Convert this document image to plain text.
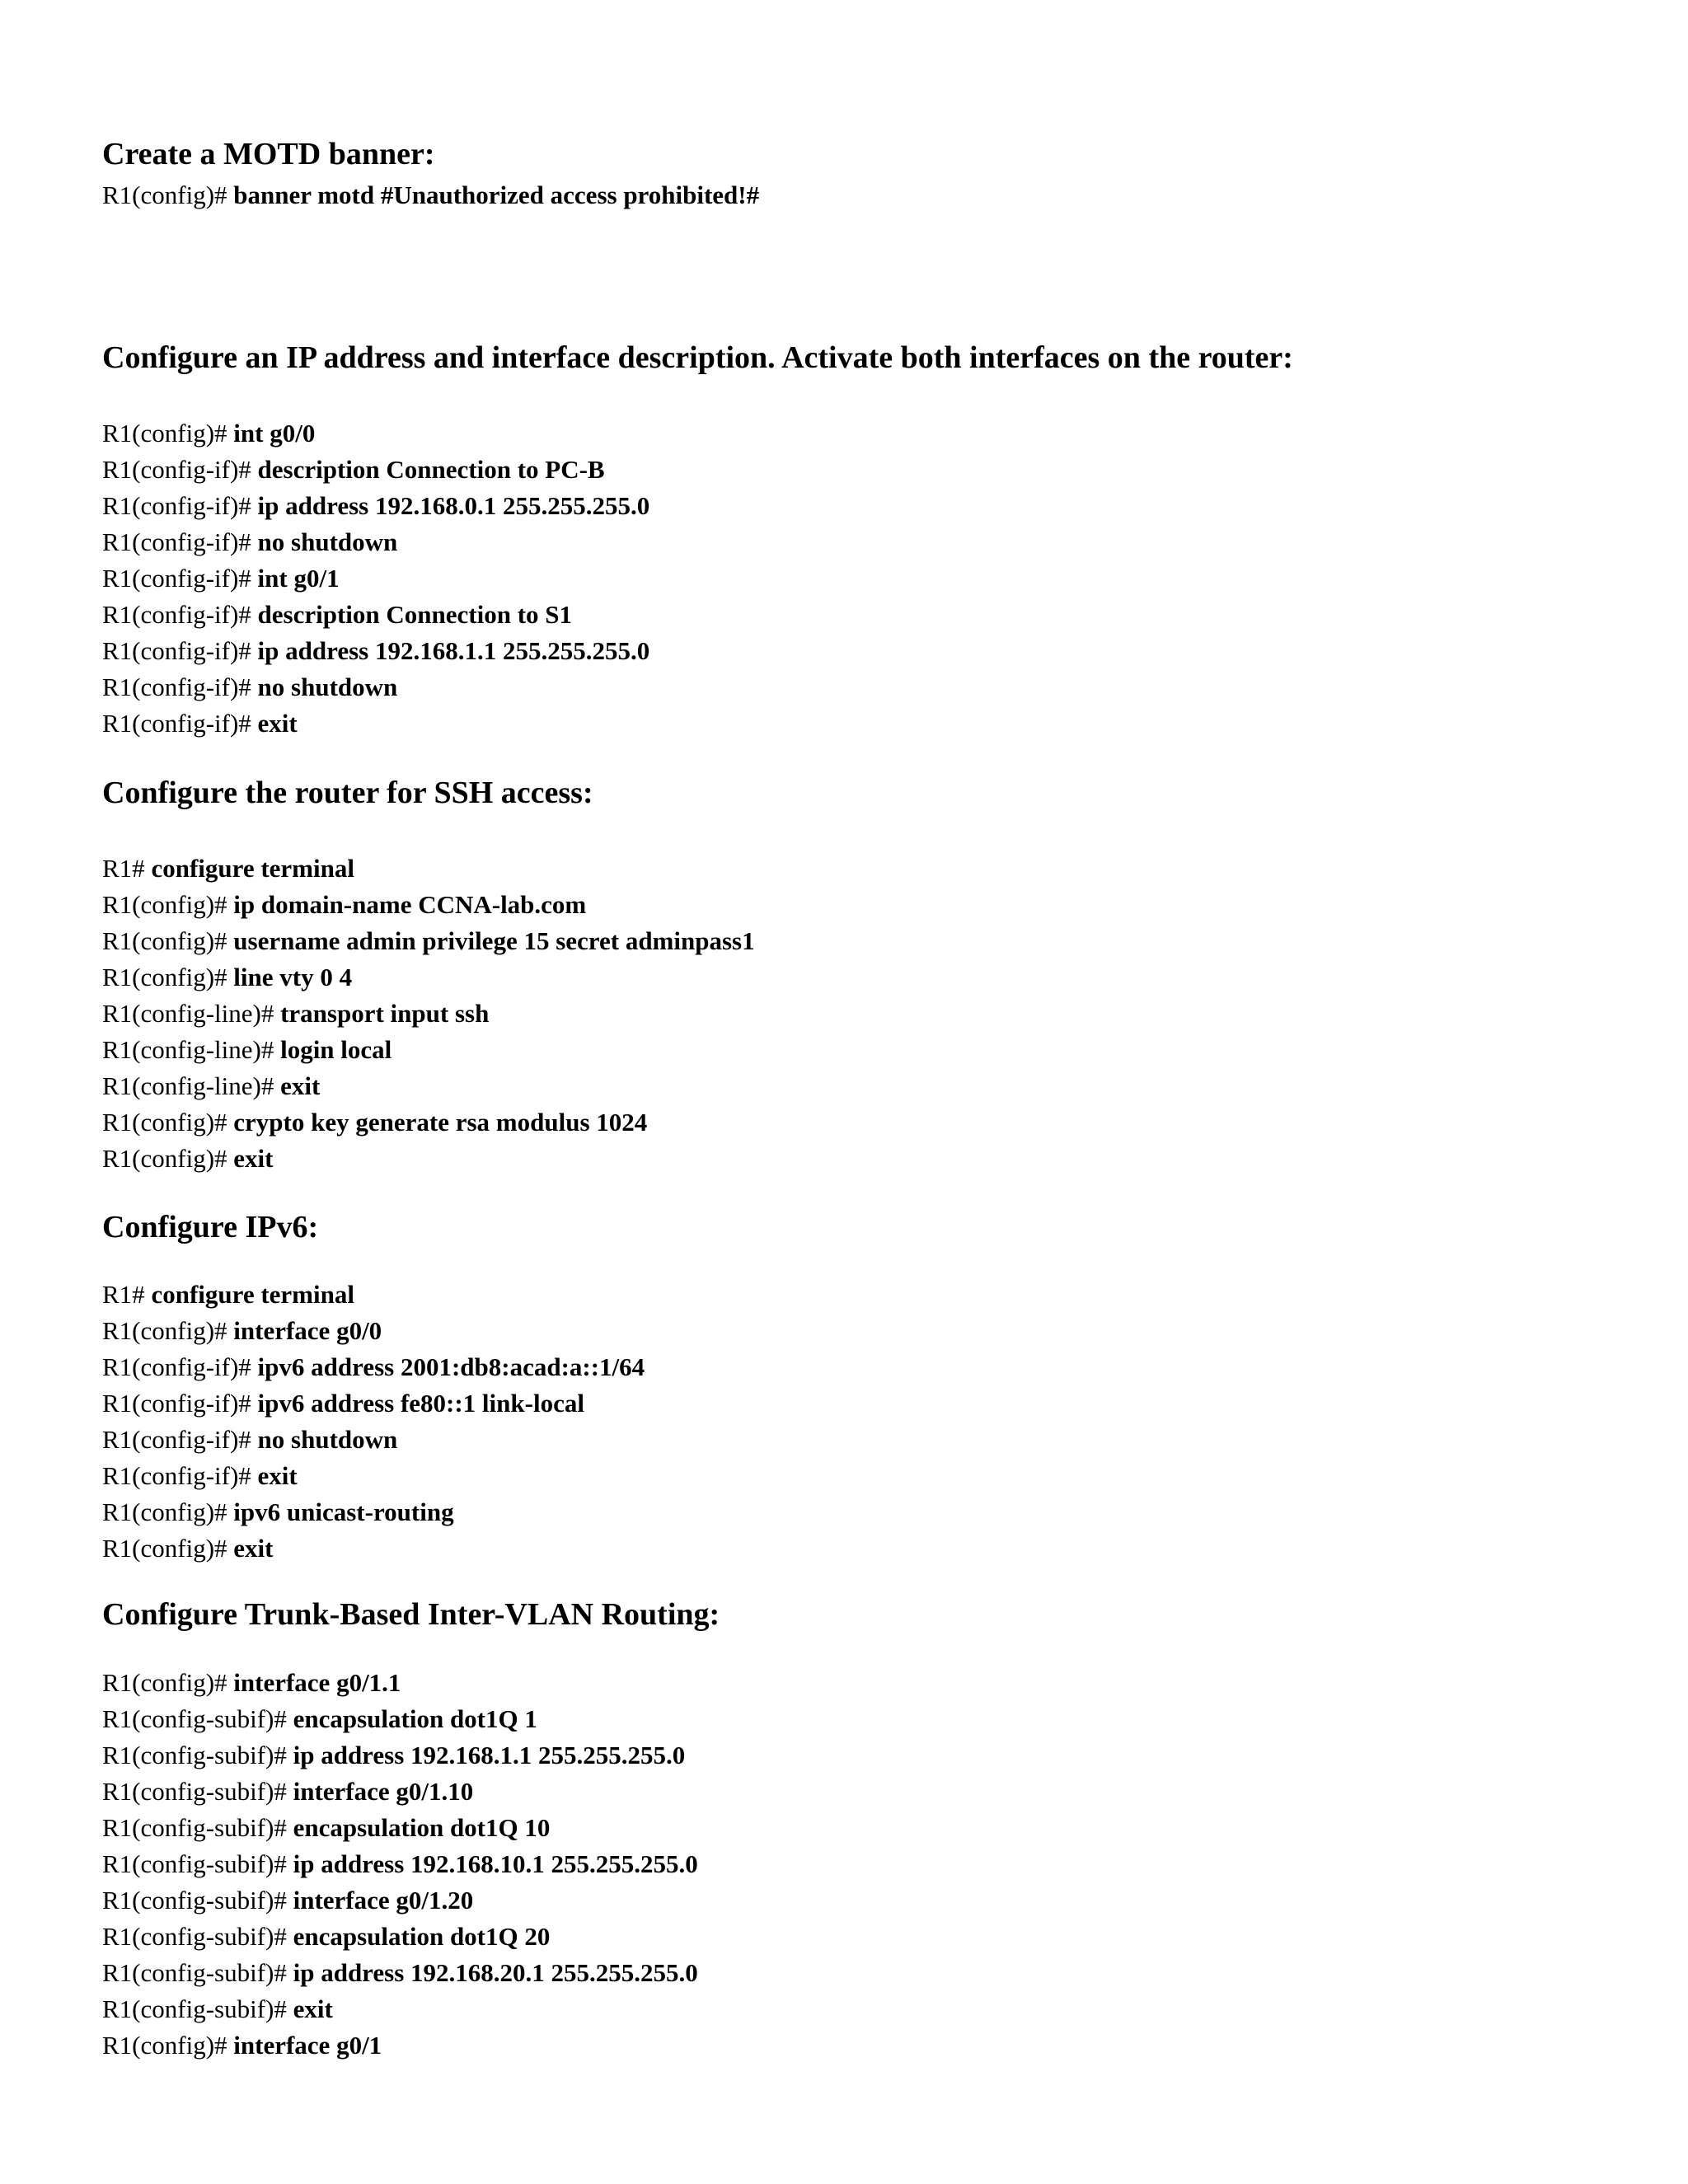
Create a MOTD banner:
R1(config)# banner motd #Unauthorized access prohibited!#
Configure an IP address and interface description. Activate both interfaces on the router:
R1(config)# int g0/0
R1(config-if)# description Connection to PC-B
R1(config-if)# ip address 192.168.0.1 255.255.255.0
R1(config-if)# no shutdown
R1(config-if)# int g0/1
R1(config-if)# description Connection to S1
R1(config-if)# ip address 192.168.1.1 255.255.255.0
R1(config-if)# no shutdown
R1(config-if)# exit
Configure the router for SSH access:
R1# configure terminal
R1(config)# ip domain-name CCNA-lab.com
R1(config)# username admin privilege 15 secret adminpass1
R1(config)# line vty 0 4
R1(config-line)# transport input ssh
R1(config-line)# login local
R1(config-line)# exit
R1(config)# crypto key generate rsa modulus 1024
R1(config)# exit
Configure IPv6:
R1# configure terminal
R1(config)# interface g0/0
R1(config-if)# ipv6 address 2001:db8:acad:a::1/64
R1(config-if)# ipv6 address fe80::1 link-local
R1(config-if)# no shutdown
R1(config-if)# exit
R1(config)# ipv6 unicast-routing
R1(config)# exit
Configure Trunk-Based Inter-VLAN Routing:
R1(config)# interface g0/1.1
R1(config-subif)# encapsulation dot1Q 1
R1(config-subif)# ip address 192.168.1.1 255.255.255.0
R1(config-subif)# interface g0/1.10
R1(config-subif)# encapsulation dot1Q 10
R1(config-subif)# ip address 192.168.10.1 255.255.255.0
R1(config-subif)# interface g0/1.20
R1(config-subif)# encapsulation dot1Q 20
R1(config-subif)# ip address 192.168.20.1 255.255.255.0
R1(config-subif)# exit
R1(config)# interface g0/1
